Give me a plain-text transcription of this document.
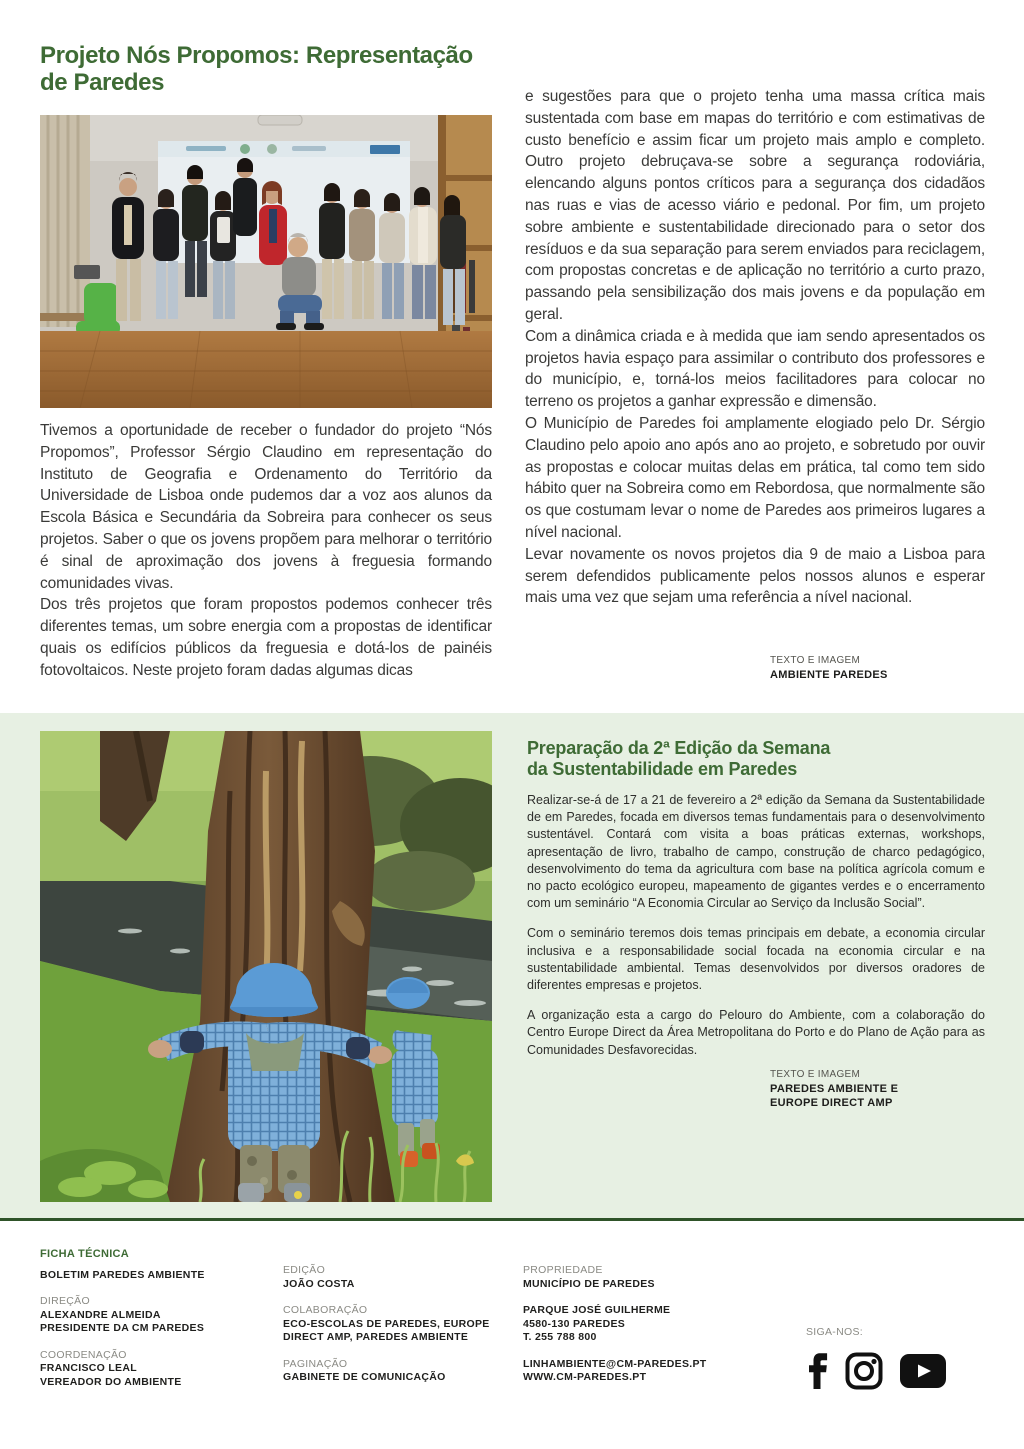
Projeto Nós Propomos: Representação
de Paredes

Tivemos a oportunidade de receber o fundador do projeto “Nós Propomos”, Professor Sérgio Claudino em representação do Instituto de Geografia e Ordenamento do Território da Universidade de Lisboa onde pudemos dar a voz aos alunos da Escola Básica e Secundária da Sobreira para conhecer os seus projetos. Saber o que os jovens propõem para melhorar o território é sinal de aproximação dos jovens à freguesia formando comunidades vivas.

Dos três projetos que foram propostos podemos conhecer três diferentes temas, um sobre energia com a propostas de identificar quais os edifícios públicos da freguesia e dotá-los de painéis fotovoltaicos. Neste projeto foram dadas algumas dicas

e sugestões para que o projeto tenha uma massa crítica mais sustentada com base em mapas do território e com estimativas de custo benefício e assim ficar um projeto mais amplo e completo. Outro projeto debruçava-se sobre a segurança rodoviária, elencando alguns pontos críticos para a segurança dos cidadãos nas ruas e vias de acesso viário e pedonal. Por fim, um projeto sobre ambiente e sustentabilidade direcionado para o setor dos resíduos e da sua separação para serem enviados para reciclagem, com propostas concretas e de aplicação no território a curto prazo, passando pela sensibilização dos mais jovens e da população em geral.

Com a dinâmica criada e à medida que iam sendo apresentados os projetos havia espaço para assimilar o contributo dos professores e do município, e, torná-los meios facilitadores para colocar no terreno os projetos a ganhar expressão e dimensão.

O Município de Paredes foi amplamente elogiado pelo Dr. Sérgio Claudino pelo apoio ano após ano ao projeto, e sobretudo por ouvir as propostas e colocar muitas delas em prática, tal como tem sido hábito quer na Sobreira como em Rebordosa, que normalmente são os que costumam levar o nome de Paredes aos primeiros lugares a nível nacional.

Levar novamente os novos projetos dia 9 de maio a Lisboa para serem defendidos publicamente pelos nossos alunos e esperar mais uma vez que sejam uma referência a nível nacional.

TEXTO E IMAGEM
AMBIENTE PAREDES
Preparação da 2ª Edição da Semana
da Sustentabilidade em Paredes

Realizar-se-á de 17 a 21 de fevereiro a 2ª edição da Semana da Sustentabilidade de em Paredes, focada em diversos temas fundamentais para o desenvolvimento sustentável. Contará com visita a boas práticas externas, workshops, apresentação de livro, trabalho de campo, construção de charco pedagógico, desenvolvimento do tema da agricultura com base na política agrícola comum e no pacto ecológico europeu, mapeamento de gigantes verdes e o encerramento com um seminário “A Economia Circular ao Serviço da Inclusão Social”.

Com o seminário teremos dois temas principais em debate, a economia circular inclusiva e a responsabilidade social focada na economia circular e na sustentabilidade ambiental. Temas desenvolvidos por diversos oradores de diferentes empresas e projetos.

A organização esta a cargo do Pelouro do Ambiente, com a colaboração do Centro Europe Direct da Área Metropolitana do Porto e do Plano de Ação para as Comunidades Desfavorecidas.

TEXTO E IMAGEM
PAREDES AMBIENTE E
EUROPE DIRECT AMP
FICHA TÉCNICA
BOLETIM PAREDES AMBIENTE
DIREÇÃO
ALEXANDRE ALMEIDA
PRESIDENTE DA CM PAREDES
COORDENAÇÃO
FRANCISCO LEAL
VEREADOR DO AMBIENTE
EDIÇÃO
JOÃO COSTA
COLABORAÇÃO
ECO-ESCOLAS DE PAREDES, EUROPE
DIRECT AMP, PAREDES AMBIENTE
PAGINAÇÃO
GABINETE DE COMUNICAÇÃO
PROPRIEDADE
MUNICÍPIO DE PAREDES
PARQUE JOSÉ GUILHERME
4580-130 PAREDES
T. 255 788 800
LINHAMBIENTE@CM-PAREDES.PT
WWW.CM-PAREDES.PT
SIGA-NOS:
